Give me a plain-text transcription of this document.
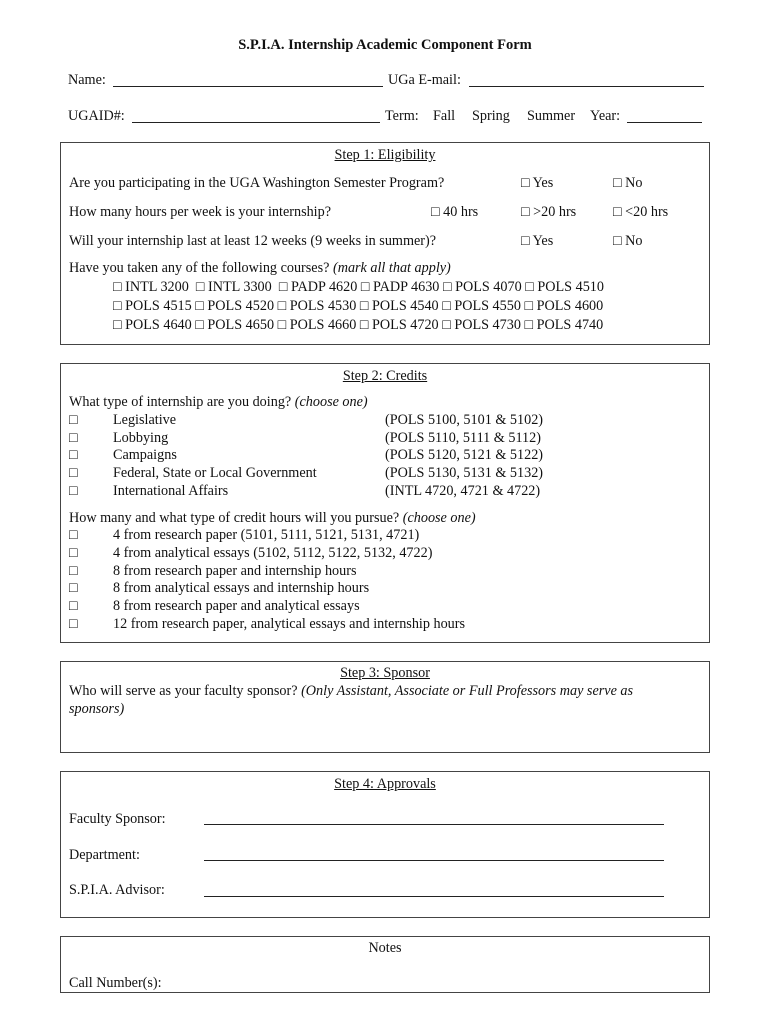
S.P.I.A. Internship Academic Component Form
Name:	UGa E-mail:
UGAID#:	Term: Fall Spring Summer Year:
Step 1: Eligibility
Are you participating in the UGA Washington Semester Program? □	Yes □	No
How many hours per week is your internship? □	40 hrs □	>20 hrs □	<20 hrs
Will your internship last at least 12 weeks (9 weeks in summer)? □	Yes □	No
Have you taken any of the following courses? (mark all that apply)
□ INTL 3200 □ INTL 3300 □ PADP 4620 □ PADP 4630 □ POLS 4070 □ POLS 4510
□ POLS 4515 □ POLS 4520 □ POLS 4530 □ POLS 4540 □ POLS 4550 □ POLS 4600
□ POLS 4640 □ POLS 4650 □ POLS 4660 □ POLS 4720 □ POLS 4730 □ POLS 4740
Step 2: Credits
What type of internship are you doing? (choose one)
□
Legislative	(POLS 5100, 5101 & 5102)
□
Lobbying	(POLS 5110, 5111 & 5112)
□
Campaigns	(POLS 5120, 5121 & 5122)
□
Federal, State or Local Government	(POLS 5130, 5131 & 5132)
□
International Affairs	(INTL 4720, 4721 & 4722)
How many and what type of credit hours will you pursue? (choose one)
□
4 from research paper (5101, 5111, 5121, 5131, 4721)
□
4 from analytical essays (5102, 5112, 5122, 5132, 4722)
□
8 from research paper and internship hours
□
8 from analytical essays and internship hours
□
8 from research paper and analytical essays
□
12 from research paper, analytical essays and internship hours
Step 3: Sponsor
Who will serve as your faculty sponsor? (Only Assistant, Associate or Full Professors may serve as
sponsors)
Step 4: Approvals
Faculty Sponsor:
Department:
S.P.I.A. Advisor:
Notes
Call Number(s):
